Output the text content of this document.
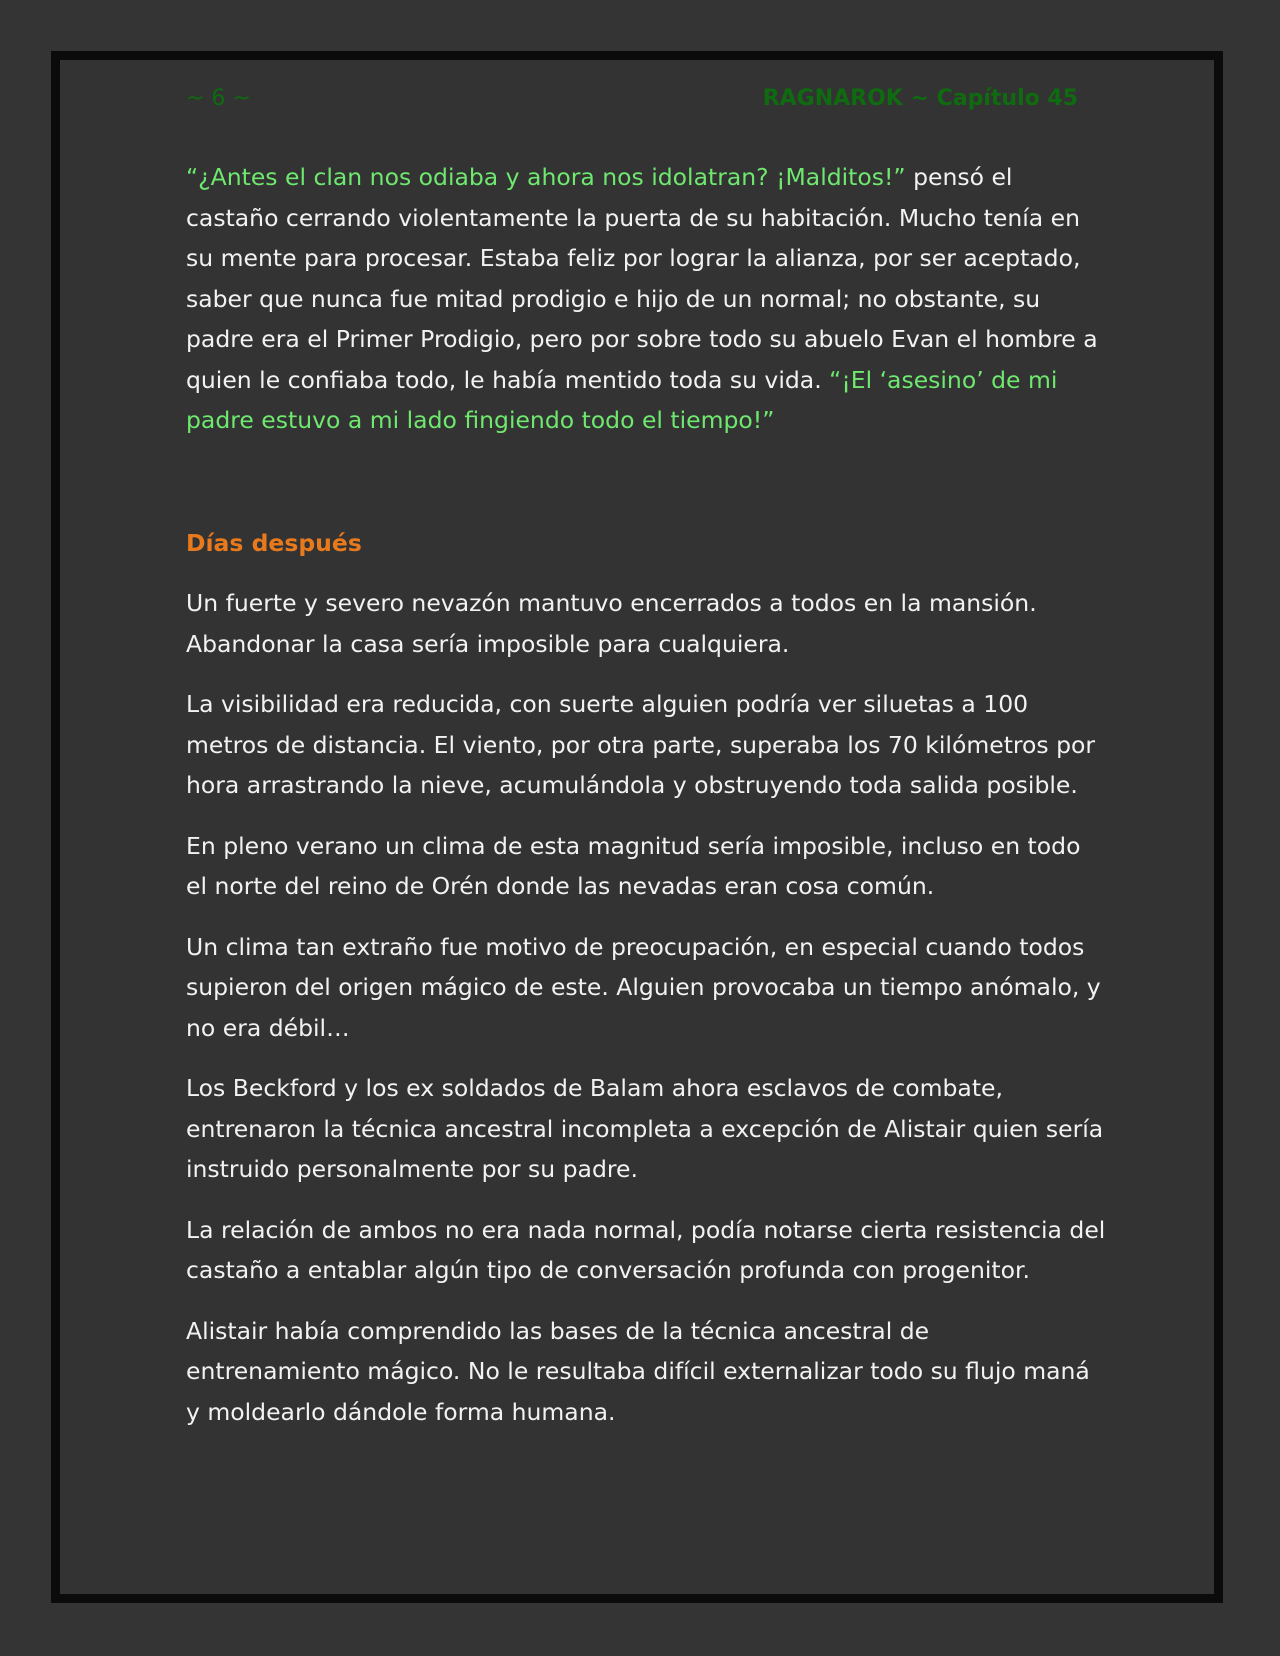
~ 6 ~	RAGNAROK ~ Capítulo 45

“¿Antes el clan nos odiaba y ahora nos idolatran? ¡Malditos!” pensó el castaño cerrando violentamente la puerta de su habitación. Mucho tenía en su mente para procesar. Estaba feliz por lograr la alianza, por ser aceptado, saber que nunca fue mitad prodigio e hijo de un normal; no obstante, su padre era el Primer Prodigio, pero por sobre todo su abuelo Evan el hombre a quien le confiaba todo, le había mentido toda su vida. “¡El ‘asesino’ de mi padre estuvo a mi lado fingiendo todo el tiempo!”

Días después

Un fuerte y severo nevazón mantuvo encerrados a todos en la mansión. Abandonar la casa sería imposible para cualquiera.

La visibilidad era reducida, con suerte alguien podría ver siluetas a 100 metros de distancia. El viento, por otra parte, superaba los 70 kilómetros por hora arrastrando la nieve, acumulándola y obstruyendo toda salida posible.

En pleno verano un clima de esta magnitud sería imposible, incluso en todo el norte del reino de Orén donde las nevadas eran cosa común.

Un clima tan extraño fue motivo de preocupación, en especial cuando todos supieron del origen mágico de este. Alguien provocaba un tiempo anómalo, y no era débil…

Los Beckford y los ex soldados de Balam ahora esclavos de combate, entrenaron la técnica ancestral incompleta a excepción de Alistair quien sería instruido personalmente por su padre.

La relación de ambos no era nada normal, podía notarse cierta resistencia del castaño a entablar algún tipo de conversación profunda con progenitor.

Alistair había comprendido las bases de la técnica ancestral de entrenamiento mágico. No le resultaba difícil externalizar todo su flujo maná y moldearlo dándole forma humana.
